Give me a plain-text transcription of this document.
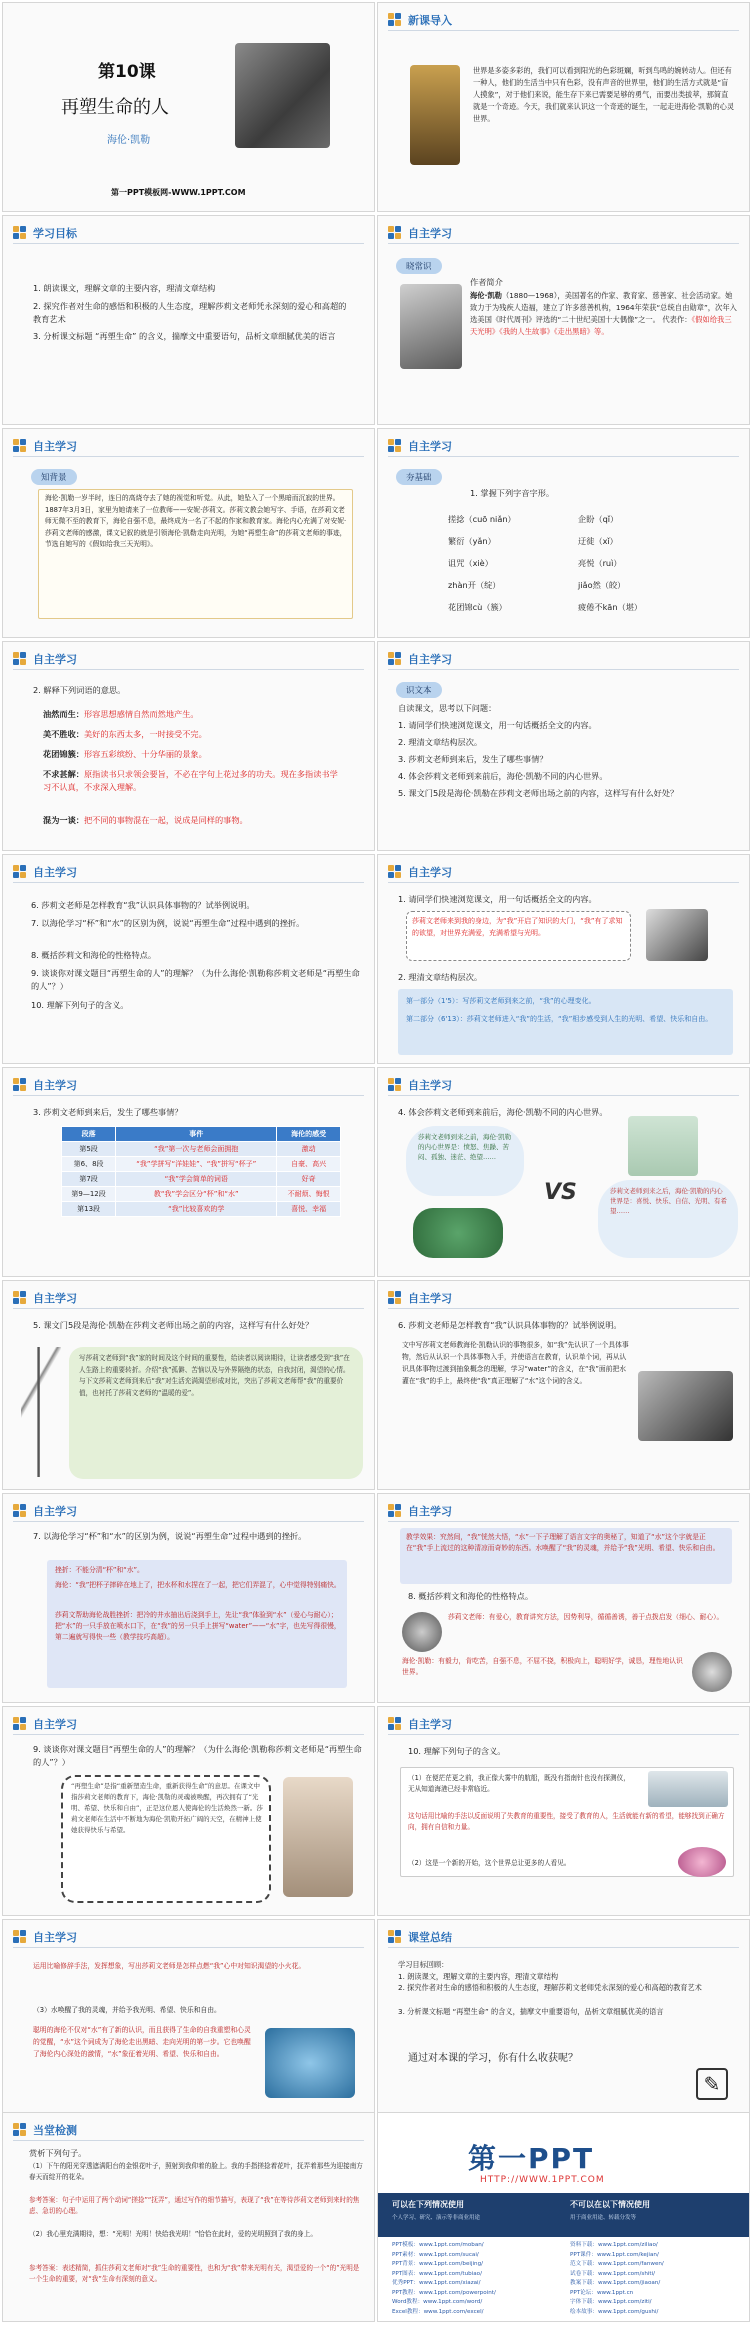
第10课
再塑生命的人
海伦·凯勒
第一PPT模板网-WWW.1PPT.COM
新课导入
世界是多姿多彩的，我们可以看到阳光的色彩斑斓，听到鸟鸣的婉转动人。但还有一种人，他们的生活当中只有色彩，没有声音的世界里，他们的生活方式就是“盲人摸象”，对于他们来说，能生存下来已需要足够的勇气，而要出类拔萃，那简直就是一个奇迹。今天，我们就来认识这一个奇迹的诞生，一起走进海伦·凯勒的心灵世界。
学习目标
1. 朗读课文，理解文章的主要内容，理清文章结构
2. 探究作者对生命的感悟和积极的人生态度，理解莎莉文老师凭永深刻的爱心和高超的教育艺术
3. 分析课文标题 “再塑生命” 的含义，揣摩文中重要语句，品析文章细腻优美的语言
自主学习
晓常识
作者简介
海伦·凯勒（1880—1968），美国著名的作家、教育家、慈善家、社会活动家。她致力于为残疾人造福，建立了许多慈善机构，1964年荣获“总统自由勋章”，次年入选美国《时代周刊》评选的“二十世纪美国十大偶像”之一。 代表作：《假如给我三天光明》《我的人生故事》《走出黑暗》等。
自主学习
知背景
海伦·凯勒一岁半时，连日的高烧夺去了她的视觉和听觉。从此，她坠入了一个黑暗而沉寂的世界。1887年3月3日，家里为她请来了一位教师——安妮·莎莉文。莎莉文教会她写字、手语，在莎莉文老师无微不至的教育下，海伦自强不息，最终成为一名了不起的作家和教育家。海伦内心充满了对安妮·莎莉文老师的感激，课文记叙的就是引领海伦·凯勒走向光明，为她“再塑生命”的莎莉文老师的事迹，节选自她写的《假如给我三天光明》。
自主学习
夯基础
1. 掌握下列字音字形。
搓捻（cuō niǎn）	企盼（qǐ）
繁衍（yǎn）	迂徙（xǐ）
诅咒（xiè）	亮悦（ruì）
zhàn开（绽）	jiǎo然（皎）
花团锦cù（簇）	疲倦不kān（堪）
自主学习
2. 解释下列词语的意思。
油然而生：形容思想感情自然而然地产生。
美不胜收：美好的东西太多，一时接受不完。
花团锦簇：形容五彩缤纷、十分华丽的景象。
不求甚解：原指读书只求领会要旨，不必在字句上花过多的功夫。现在多指读书学习不认真，不求深入理解。
混为一谈：把不同的事物混在一起，说成是同样的事物。
自主学习
识文本
自读课文，思考以下问题：
1. 请同学们快速浏览课文，用一句话概括全文的内容。
2. 理清文章结构层次。
3. 莎莉文老师到来后，发生了哪些事情？
4. 体会莎莉文老师到来前后，海伦·凯勒不同的内心世界。
5. 课文门5段是海伦·凯勒在莎莉文老师出场之前的内容，这样写有什么好处？
自主学习
6. 莎莉文老师是怎样教育“我”认识具体事物的？试举例说明。
7. 以海伦学习“杯”和“水”的区别为例，说说“再塑生命”过程中遇到的挫折。
8. 概括莎莉文和海伦的性格特点。
9. 谈谈你对课文题目“再塑生命的人”的理解？（为什么海伦·凯勒称莎莉文老师是“再塑生命的人”？）
10. 理解下列句子的含义。
自主学习
1. 请同学们快速浏览课文，用一句话概括全文的内容。
莎莉文老师来到我的身边，为“我”开启了知识的大门，“我”有了求知的欲望，对世界充满爱，充满希望与光明。
2. 理清文章结构层次。
第一部分（1'5）：写莎莉文老师到来之前，“我”的心理变化。
第二部分（6'13）：莎莉文老师进入“我”的生活，“我”相步感受到人生的光明、希望、快乐和自由。
自主学习
3. 莎莉文老师到来后，发生了哪些事情？
段落	事件	海伦的感受
第5段	“我”第一次与老师会面拥抱	激动
第6、8段	“我”学拼写“洋娃娃”、“我”拼写“杯子”	自豪、高兴
第7段	“我”学会简单的词语	好奇
第9—12段	教“我”学会区分“杯”和“水”	不耐烦、悔恨
第13段	“我”比较喜欢的学	喜悦、幸福
自主学习
4. 体会莎莉文老师到来前后，海伦·凯勒不同的内心世界。
莎莉文老师到来之前，海伦·凯勒的内心世界是：愤怒、焦躁、苦闷、孤独、迷茫、绝望……
VS	莎莉文老师到来之后，海伦·凯勒的内心世界是：喜悦、快乐、自信、光明、有希望……
自主学习
5. 课文门5段是海伦·凯勒在莎莉文老师出场之前的内容，这样写有什么好处？
写莎莉文老师到“我”家的时间及这个时间的重要性，给读者以阅读期待，让读者感受到“我”在人生路上的重要转折。介绍“我”孤僻、苦恼以及与外界隔绝的状态，自我封闭，渴望的心情。与下文莎莉文老师到来后“我”对生活充满渴望形成对比，突出了莎莉文老师帮“我”的重要价值，也衬托了莎莉文老师的“温暖的爱”。
自主学习
6. 莎莉文老师是怎样教育“我”认识具体事物的？试举例说明。
文中写莎莉文老师教海伦·凯勒认识的事物很多，如“我”先认识了一个具体事物，然后从认识一个具体事物入手，并使语言在教育，认识单个词，再从认识具体事物过渡到抽象概念的理解，学习“water”的含义，在“我”面前把水灌在“我”的手上，最终使“我”真正理解了“水”这个词的含义。
自主学习
7. 以海伦学习“杯”和“水”的区别为例，说说“再塑生命”过程中遇到的挫折。
挫折：不能分清“杯”和“水”。
海伦：“我”把杯子摔碎在地上了，把水杯和水捏在了一起，把它们弄混了，心中觉得特别痛快。
莎莉文帮助海伦战胜挫折：把冷的井水抽出后浇到手上，先让“我”体验到“水”（爱心与耐心）；把“水”的一只手放在喷水口下，在“我”的另一只手上拼写“water”——“水”字，也先写得很慢，第二遍就写得快一些（教学技巧高超）。
自主学习
教学效果：究然间，“我”恍然大悟，“水”一下子理解了语言文字的奥秘了，知道了“水”这个字就是正在“我”手上流过的这种清凉而奇妙的东西。水唤醒了“我”的灵魂，并给予“我”光明、希望、快乐和自由。
8. 概括莎莉文和海伦的性格特点。
莎莉文老师：有爱心，教育讲究方法，因势利导，循循善诱，善于点拨启发（细心、耐心）。
海伦·凯勒：有毅力，肯吃苦，自强不息，不屈不挠，积极向上，聪明好学，诚恳，理性地认识世界。
自主学习
9. 谈谈你对课文题目“再塑生命的人”的理解？（为什么海伦·凯勒称莎莉文老师是“再塑生命的人”？）
“再塑生命”是指“重新塑造生命，重新获得生命”的意思。在课文中指莎莉文老师的教育下，海伦·凯勒的灵魂被唤醒，再次拥有了“光明、希望、快乐和自由”，正是这位恩人使海伦的生活焕然一新。莎莉文老师在生活中不断地为海伦·凯勒开拓广阔的天空，在精神上使她获得快乐与希望。
自主学习
10. 理解下列句子的含义。
（1）在便茫茫更之前，我正像大雾中的航船，既没有指南针也没有探测仪，无从知道海港已经非常临近。
这句话用比喻的手法以反面说明了失教育的重要性，接受了教育的人，生活就能有新的希望，能够找到正确方向，拥有自信和力量。
（2）这是一个新的开始，这个世界总让更多的人看见。
自主学习
运用比喻修辞手法，发挥想象，写出莎莉文老师是怎样点燃“我”心中对知识渴望的小火花。
（3）水唤醒了我的灵魂，并给予我光明、希望、快乐和自由。
聪明的海伦不仅对“水”有了新的认识，而且获得了生命的自我重塑和心灵的觉醒，“水”这个词成为了海伦走出黑暗、走向光明的第一步。它也唤醒了海伦内心深处的激情，“水”象征着光明、希望、快乐和自由。
课堂总结
学习目标回顾：
1. 朗读课文，理解文章的主要内容，理清文章结构
2. 探究作者对生命的感悟和积极的人生态度，理解莎莉文老师凭永深刻的爱心和高超的教育艺术
3. 分析课文标题 “再塑生命” 的含义，揣摩文中重要语句，品析文章细腻优美的语言
通过对本课的学习，你有什么收获呢？
✎
当堂检测
赏析下列句子。
（1）下午的阳光穿透遮满阳台的金银花叶子，照射到我仰着的脸上。我的手指搓捻着花叶，抚弄着那些为迎接南方春天而绽开的花朵。
参考答案：句子中运用了两个动词“搓捻”“抚弄”，通过写作的细节描写，表现了“我”在等待莎莉文老师到来时的焦虑、急切的心理。
（2）我心里充满期待，想：“光明！光明！快给我光明！”恰恰在此时，爱的光明照到了我的身上。
参考答案：表述精简，抓住莎莉文老师对“我”生命的重要性，也和为“我”带来光明有关，渴望爱的一个“的”光明是一个生命的重要，对“我”生命有深刻的意义。
第一PPT
HTTP://WWW.1PPT.COM
可以在下列情况使用
个人学习、研究、演示等非商业用途
不可以在以下情况使用
用于商业用途、转载分发等
PPT模板：www.1ppt.com/moban/
PPT素材：www.1ppt.com/sucai/
PPT背景：www.1ppt.com/beijing/
PPT图表：www.1ppt.com/tubiao/
优秀PPT：www.1ppt.com/xiazai/
PPT教程：www.1ppt.com/powerpoint/
Word教程：www.1ppt.com/word/
Excel教程：www.1ppt.com/excel/
资料下载：www.1ppt.com/ziliao/
PPT课件：www.1ppt.com/kejian/
范文下载：www.1ppt.com/fanwen/
试卷下载：www.1ppt.com/shiti/
教案下载：www.1ppt.com/jiaoan/
PPT论坛：www.1ppt.cn
字体下载：www.1ppt.com/ziti/
绘本故事：www.1ppt.com/gushi/
